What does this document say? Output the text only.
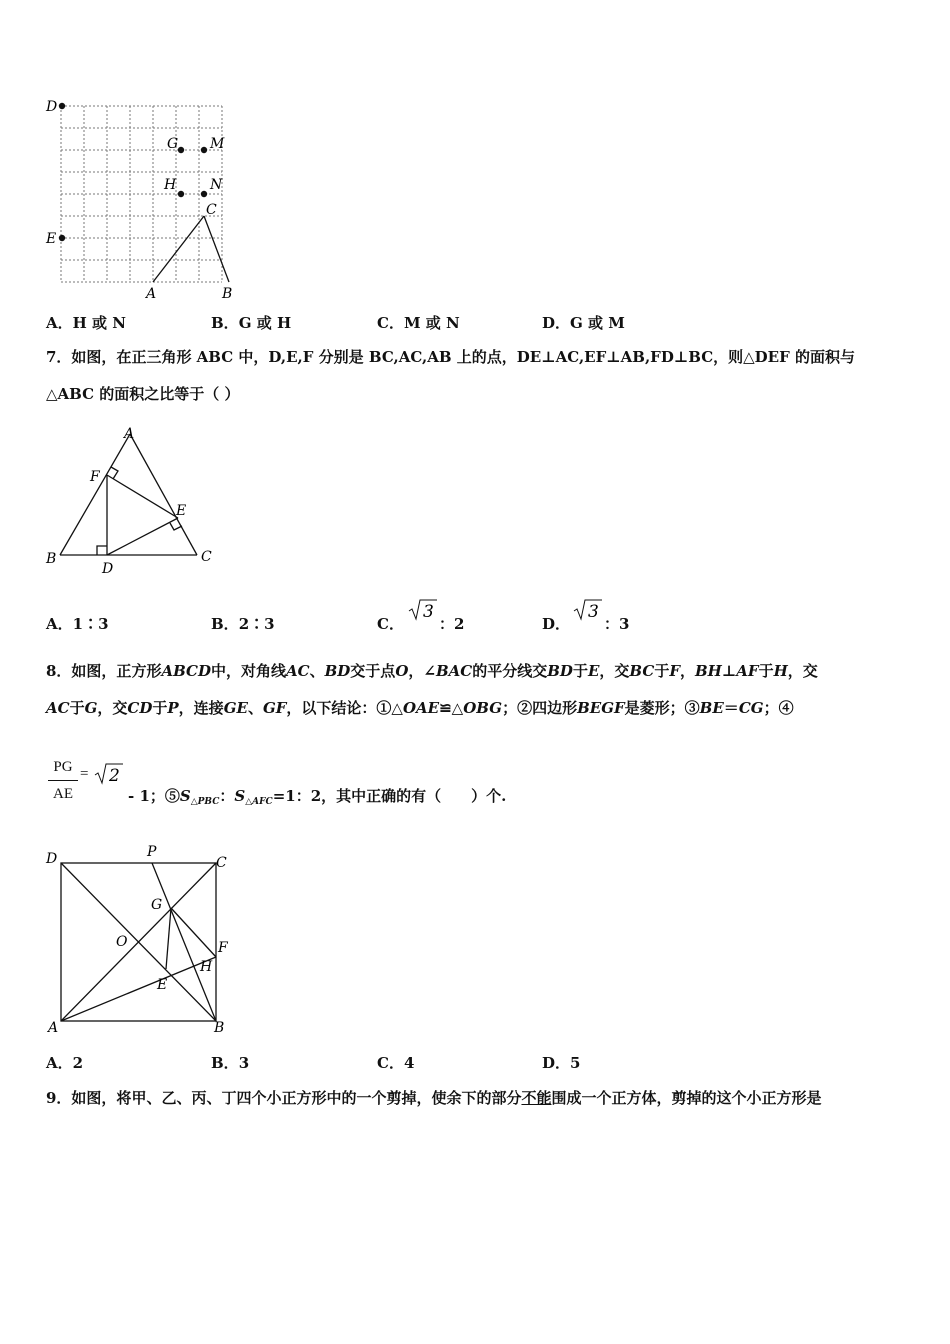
D
E
G M
H N
C
A	B
A．H 或 N	B．G 或 H	C．M 或 N	D．G 或 M
7．如图，在正三角形 ABC 中，D,E,F 分别是 BC,AC,AB 上的点，DE⊥AC,EF⊥AB,FD⊥BC，则△DEF 的面积与
△ABC 的面积之比等于（ ）
A
F
E
B
D
C
A．1∶3	B．2∶3	C．
3
：2	D．
3
：3
8．如图，正方形ABCD中，对角线AC、BD交于点O，∠BAC的平分线交BD于E，交BC于F，BH⊥AF于H，交
AC于G，交CD于P，连接GE、GF，以下结论：①△OAE≌△OBG；②四边形BEGF是菱形；③BE＝CG；④
PG
AE
= 2
- 1；$⑤S_{\triangle PBC}$：$S_{\triangle AFC}=1$：2，其中正确的有（　　）个.
D	P
C
G
O	F
H
E
A	B
A．2	B．3	C．4	D．5
9．如图，将甲、乙、丙、丁四个小正方形中的一个剪掉，使余下的部分不能围成一个正方体，剪掉的这个小正方形是
